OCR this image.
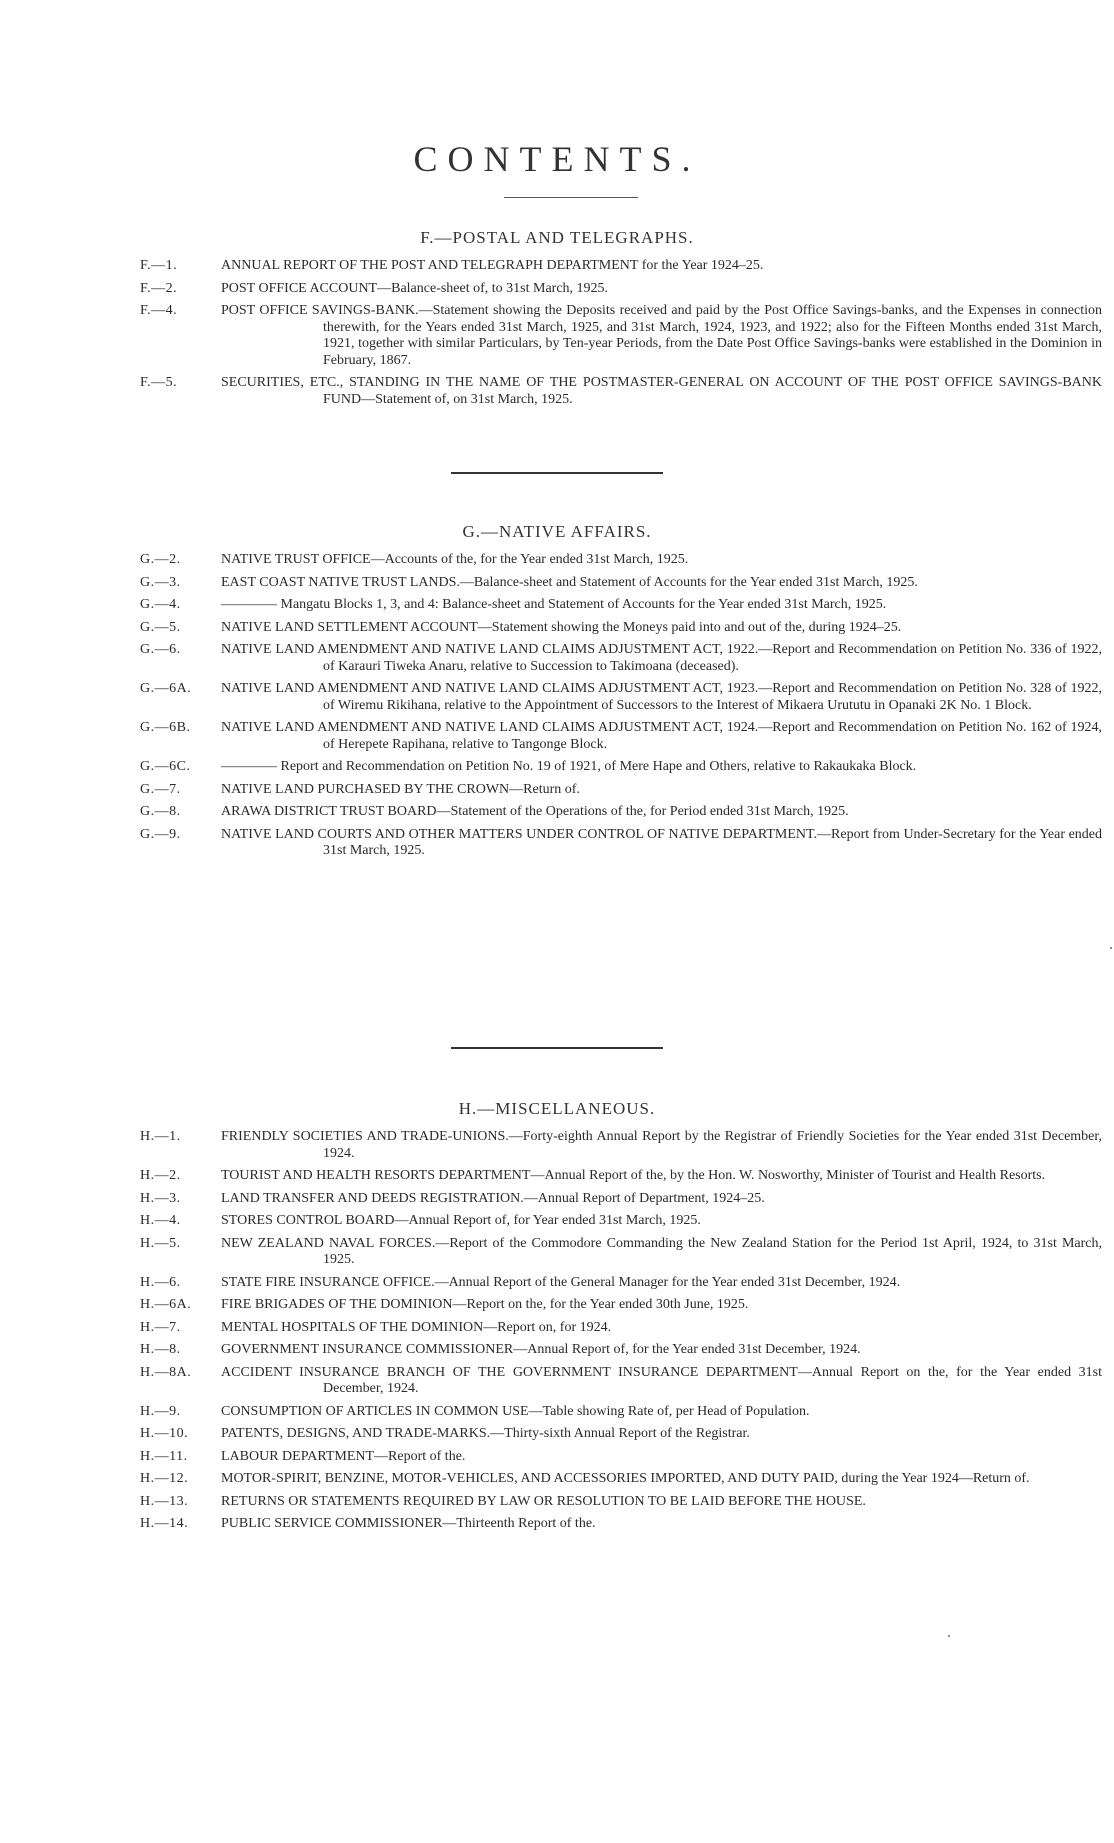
CONTENTS.
F.—POSTAL AND TELEGRAPHS.
F.—1.	ANNUAL REPORT OF THE POST AND TELEGRAPH DEPARTMENT for the Year 1924–25.
F.—2.	POST OFFICE ACCOUNT—Balance-sheet of, to 31st March, 1925.
F.—4.	POST OFFICE SAVINGS-BANK.—Statement showing the Deposits received and paid by the Post Office Savings-banks, and the Expenses in connection therewith, for the Years ended 31st March, 1925, and 31st March, 1924, 1923, and 1922; also for the Fifteen Months ended 31st March, 1921, together with similar Particulars, by Ten-year Periods, from the Date Post Office Savings-banks were established in the Dominion in February, 1867.
F.—5.	SECURITIES, ETC., STANDING IN THE NAME OF THE POSTMASTER-GENERAL ON ACCOUNT OF THE POST OFFICE SAVINGS-BANK FUND—Statement of, on 31st March, 1925.
G.—NATIVE AFFAIRS.
G.—2.	NATIVE TRUST OFFICE—Accounts of the, for the Year ended 31st March, 1925.
G.—3.	EAST COAST NATIVE TRUST LANDS.—Balance-sheet and Statement of Accounts for the Year ended 31st March, 1925.
G.—4.	———— Mangatu Blocks 1, 3, and 4: Balance-sheet and Statement of Accounts for the Year ended 31st March, 1925.
G.—5.	NATIVE LAND SETTLEMENT ACCOUNT—Statement showing the Moneys paid into and out of the, during 1924–25.
G.—6.	NATIVE LAND AMENDMENT AND NATIVE LAND CLAIMS ADJUSTMENT ACT, 1922.—Report and Recommendation on Petition No. 336 of 1922, of Karauri Tiweka Anaru, relative to Succession to Takimoana (deceased).
G.—6A. NATIVE LAND AMENDMENT AND NATIVE LAND CLAIMS ADJUSTMENT ACT, 1923.—Report and Recommendation on Petition No. 328 of 1922, of Wiremu Rikihana, relative to the Appointment of Successors to the Interest of Mikaera Urututu in Opanaki 2K No. 1 Block.
G.—6B. NATIVE LAND AMENDMENT AND NATIVE LAND CLAIMS ADJUSTMENT ACT, 1924.—Report and Recommendation on Petition No. 162 of 1924, of Herepete Rapihana, relative to Tangonge Block.
G.—6C. ———— Report and Recommendation on Petition No. 19 of 1921, of Mere Hape and Others, relative to Rakaukaka Block.
G.—7.	NATIVE LAND PURCHASED BY THE CROWN—Return of.
G.—8.	ARAWA DISTRICT TRUST BOARD—Statement of the Operations of the, for Period ended 31st March, 1925.
G.—9.	NATIVE LAND COURTS AND OTHER MATTERS UNDER CONTROL OF NATIVE DEPARTMENT.—Report from Under-Secretary for the Year ended 31st March, 1925.
H.—MISCELLANEOUS.
H.—1.	FRIENDLY SOCIETIES AND TRADE-UNIONS.—Forty-eighth Annual Report by the Registrar of Friendly Societies for the Year ended 31st December, 1924.
H.—2.	TOURIST AND HEALTH RESORTS DEPARTMENT—Annual Report of the, by the Hon. W. Nosworthy, Minister of Tourist and Health Resorts.
H.—3.	LAND TRANSFER AND DEEDS REGISTRATION.—Annual Report of Department, 1924–25.
H.—4.	STORES CONTROL BOARD—Annual Report of, for Year ended 31st March, 1925.
H.—5.	NEW ZEALAND NAVAL FORCES.—Report of the Commodore Commanding the New Zealand Station for the Period 1st April, 1924, to 31st March, 1925.
H.—6.	STATE FIRE INSURANCE OFFICE.—Annual Report of the General Manager for the Year ended 31st December, 1924.
H.—6A. FIRE BRIGADES OF THE DOMINION—Report on the, for the Year ended 30th June, 1925.
H.—7.	MENTAL HOSPITALS OF THE DOMINION—Report on, for 1924.
H.—8.	GOVERNMENT INSURANCE COMMISSIONER—Annual Report of, for the Year ended 31st December, 1924.
H.—8A. ACCIDENT INSURANCE BRANCH OF THE GOVERNMENT INSURANCE DEPARTMENT—Annual Report on the, for the Year ended 31st December, 1924.
H.—9.	CONSUMPTION OF ARTICLES IN COMMON USE—Table showing Rate of, per Head of Population.
H.—10. PATENTS, DESIGNS, AND TRADE-MARKS.—Thirty-sixth Annual Report of the Registrar.
H.—11. LABOUR DEPARTMENT—Report of the.
H.—12. MOTOR-SPIRIT, BENZINE, MOTOR-VEHICLES, AND ACCESSORIES IMPORTED, AND DUTY PAID, during the Year 1924—Return of.
H.—13. RETURNS OR STATEMENTS REQUIRED BY LAW OR RESOLUTION TO BE LAID BEFORE THE HOUSE.
H.—14. PUBLIC SERVICE COMMISSIONER—Thirteenth Report of the.
